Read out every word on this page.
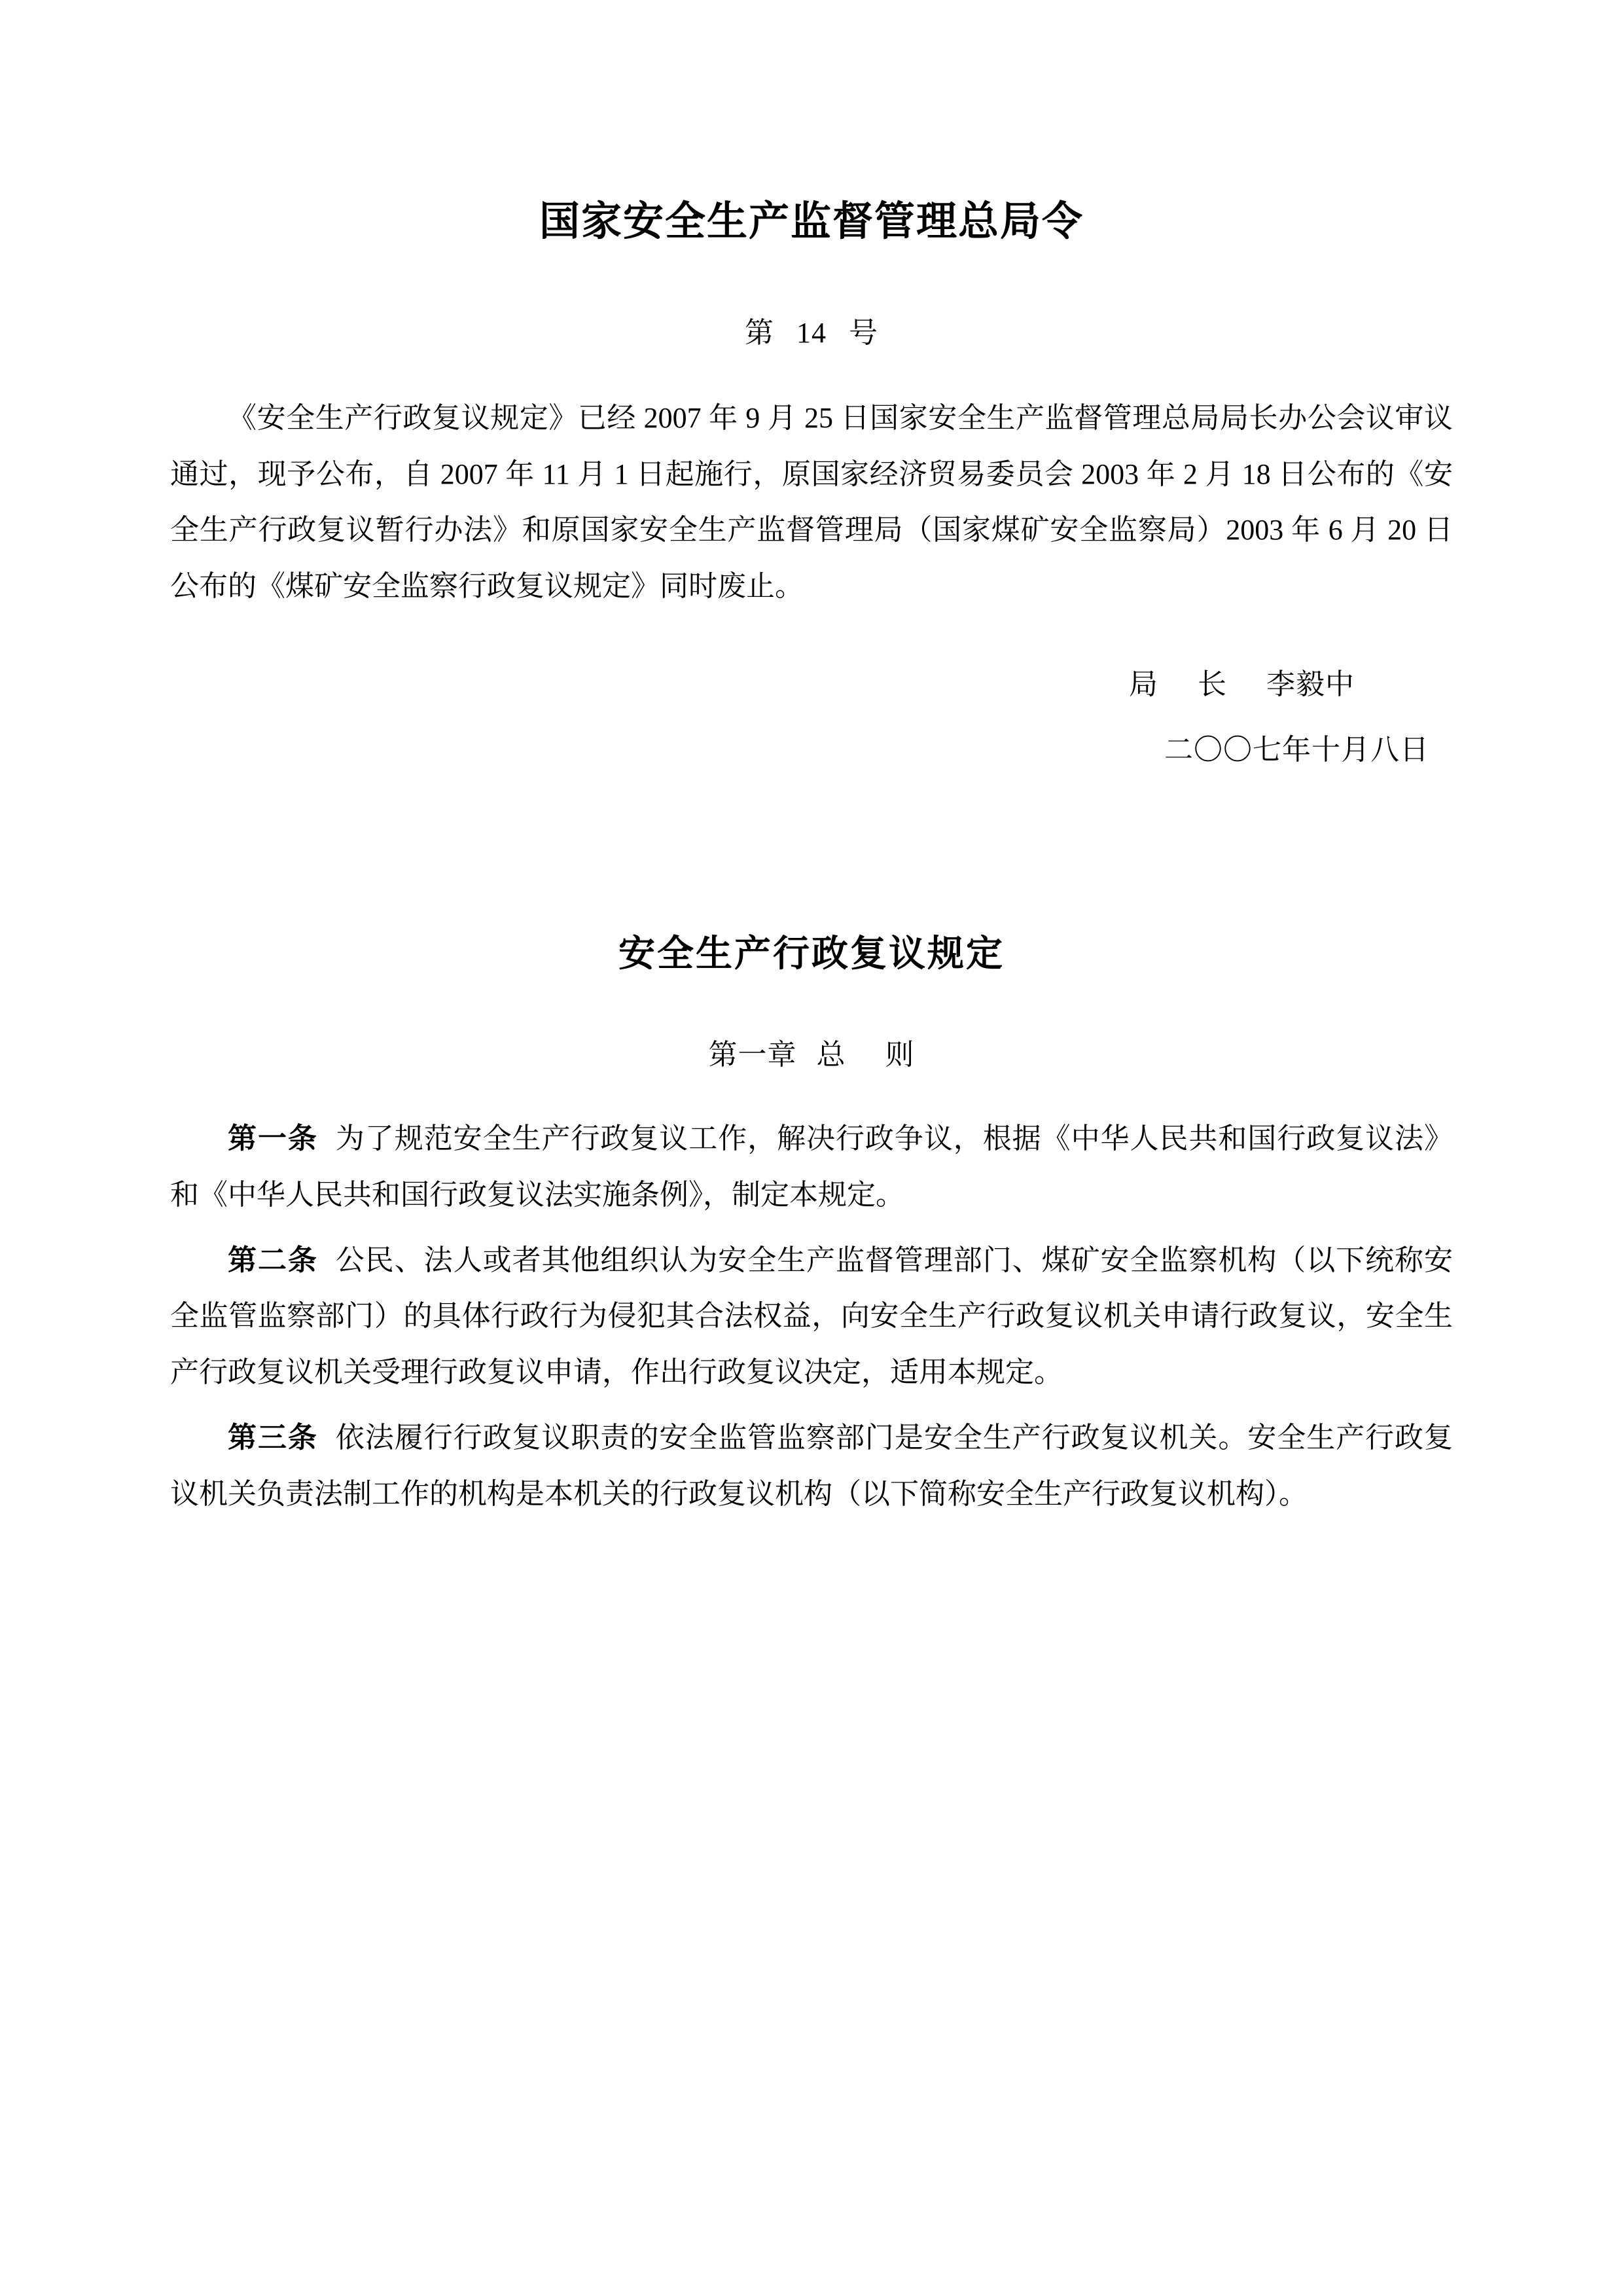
国家安全生产监督管理总局令
第 14 号

《安全生产行政复议规定》已经 2007 年 9 月 25 日国家安全生产监督管理总局局长办公会议审议通过，现予公布，自 2007 年 11 月 1 日起施行，原国家经济贸易委员会 2003 年 2 月 18 日公布的《安全生产行政复议暂行办法》和原国家安全生产监督管理局（国家煤矿安全监察局）2003 年 6 月 20 日公布的《煤矿安全监察行政复议规定》同时废止。

局 长 李毅中
二〇〇七年十月八日
安全生产行政复议规定
第一章 总 则

第一条 为了规范安全生产行政复议工作，解决行政争议，根据《中华人民共和国行政复议法》和《中华人民共和国行政复议法实施条例》，制定本规定。

第二条 公民、法人或者其他组织认为安全生产监督管理部门、煤矿安全监察机构（以下统称安全监管监察部门）的具体行政行为侵犯其合法权益，向安全生产行政复议机关申请行政复议，安全生产行政复议机关受理行政复议申请，作出行政复议决定，适用本规定。

第三条 依法履行行政复议职责的安全监管监察部门是安全生产行政复议机关。安全生产行政复议机关负责法制工作的机构是本机关的行政复议机构（以下简称安全生产行政复议机构）。
